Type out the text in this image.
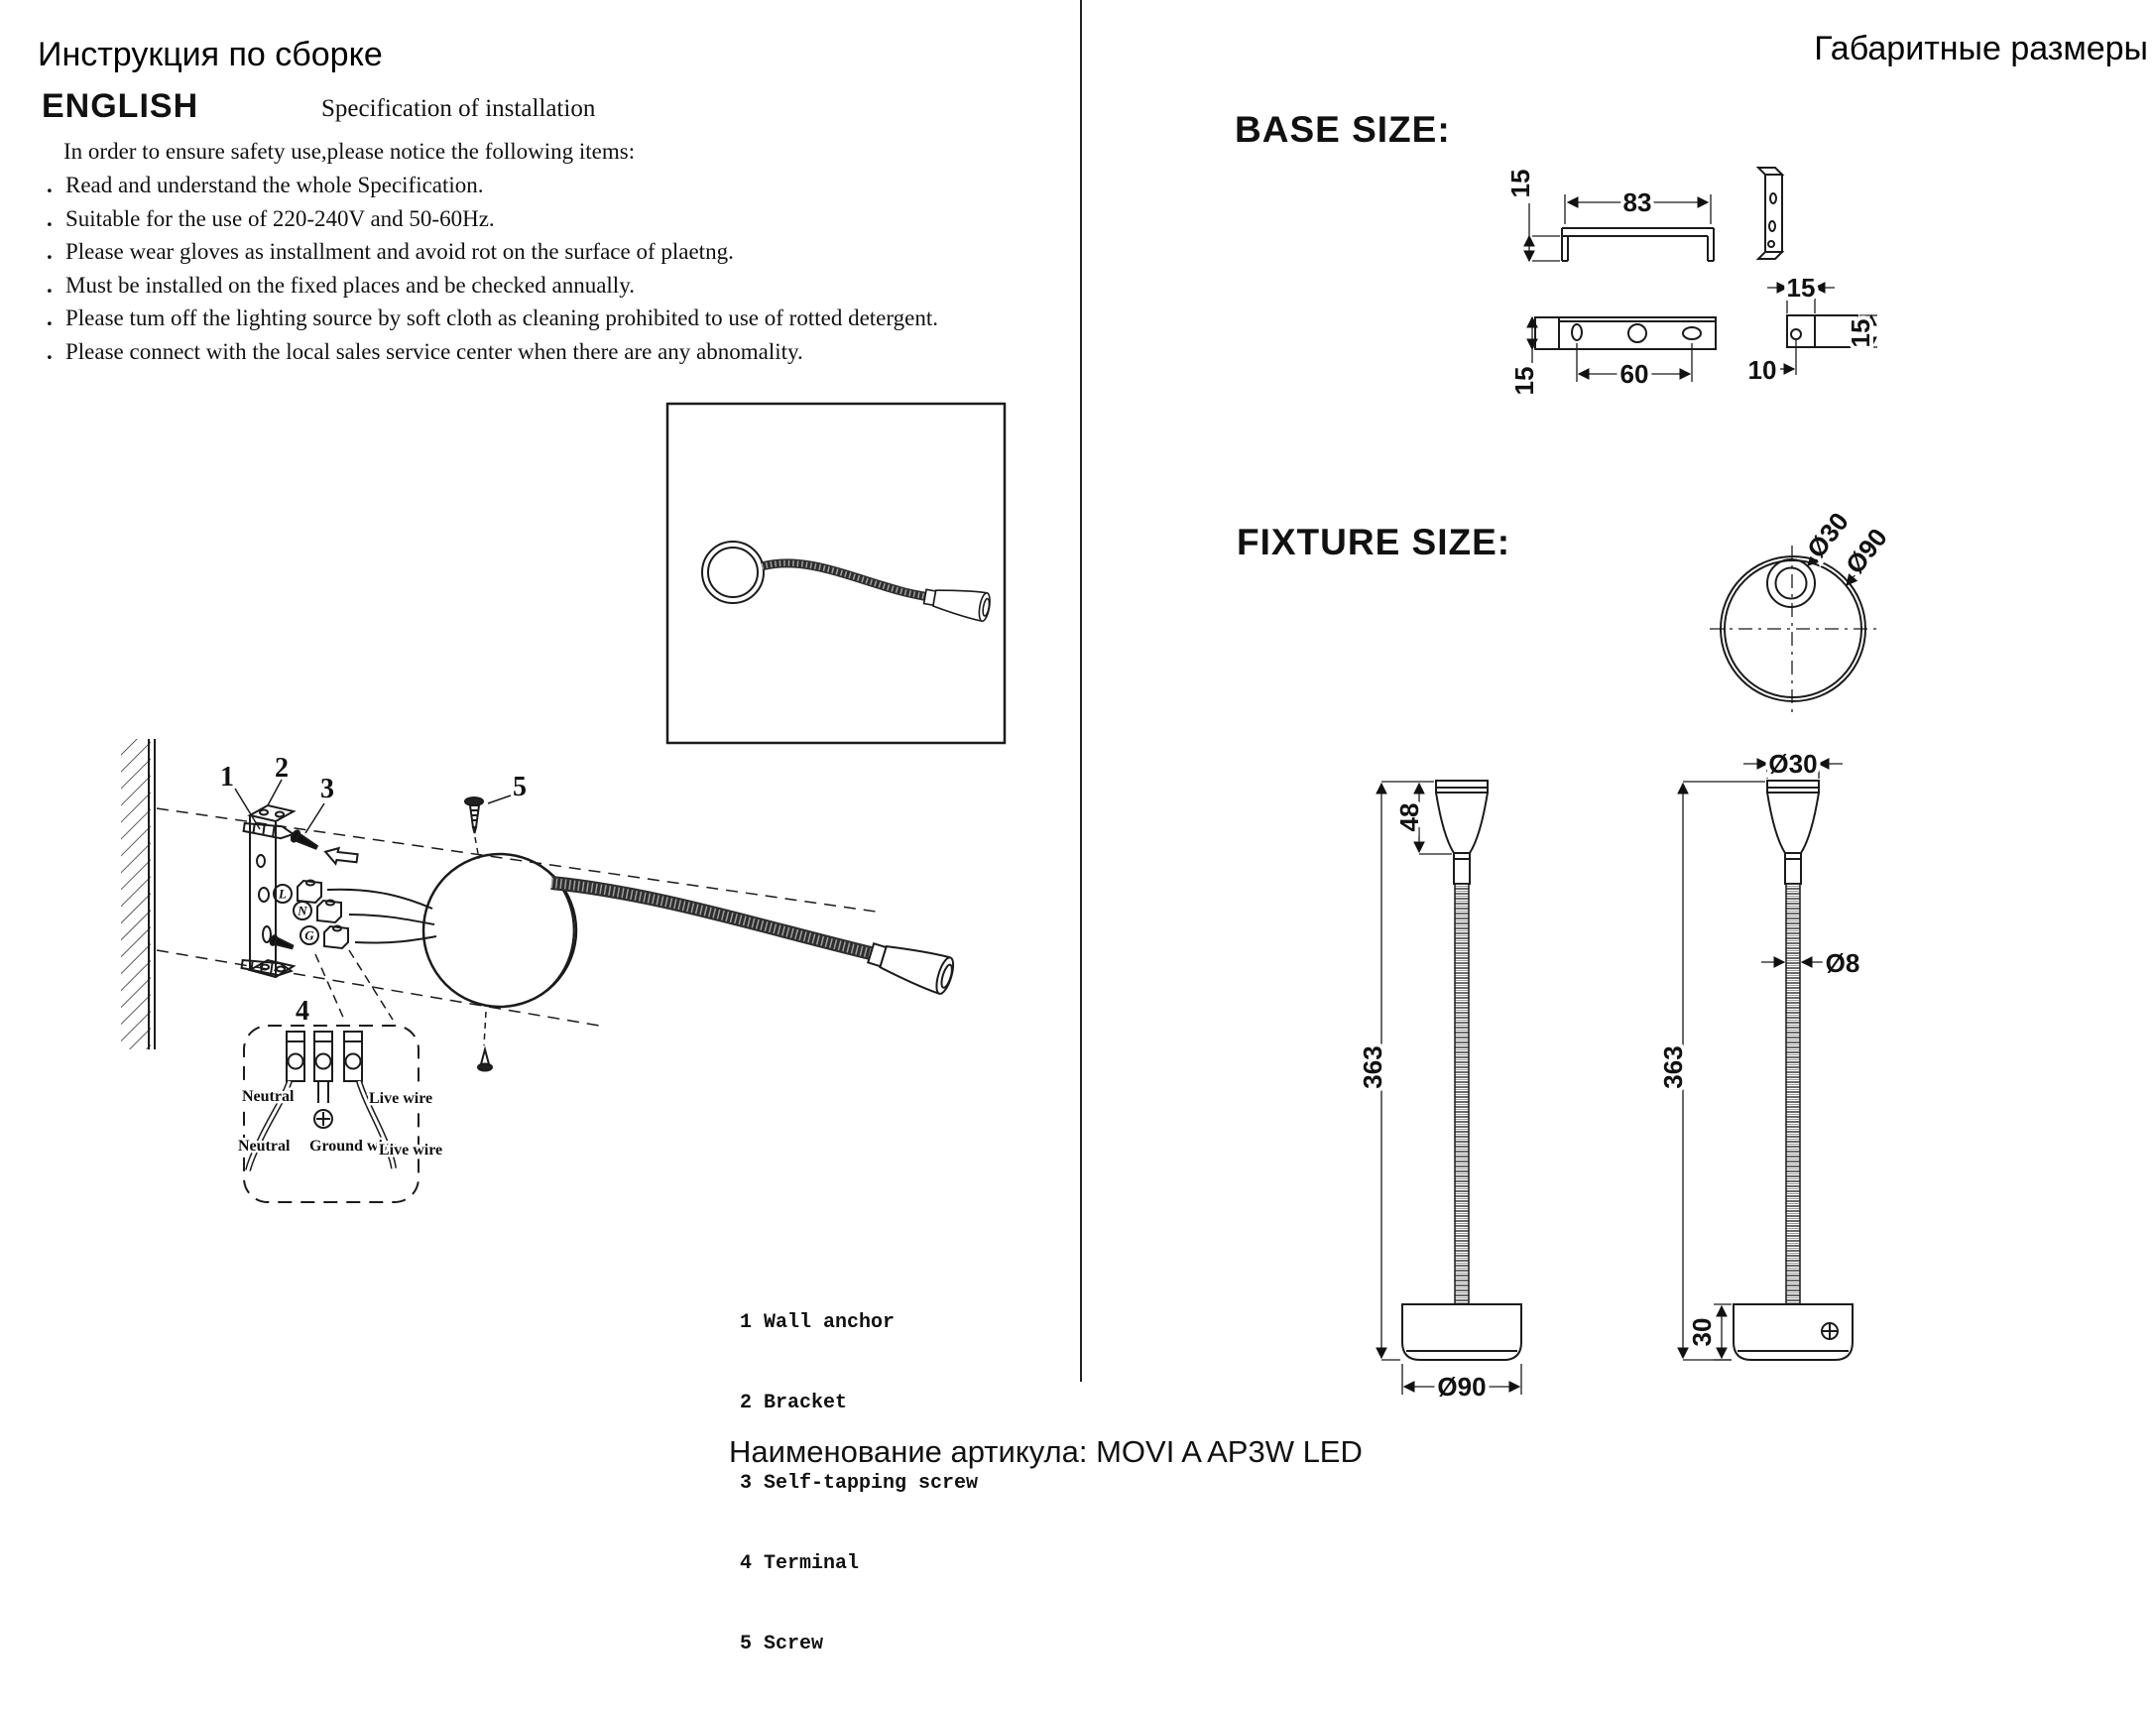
Инструкция по сборке	Габаритные размеры
ENGLISH	Specification of installation
In order to ensure safety use,please notice the following items:
. Read and understand the whole Specification.
. Suitable for the use of 220-240V and 50-60Hz.
. Please wear gloves as installment and avoid rot on the surface of plaetng.
. Must be installed on the fixed places and be checked annually.
. Please tum off the lighting source by soft cloth as cleaning prohibited to use of rotted detergent.
. Please connect with the local sales service center when there are any abnomality.
L
N
G
Neutral	Live wire
Neutral Ground wire
Live wire
1 2
3
4
5

1 Wall anchor

2 Bracket

3 Self-tapping screw

4 Terminal

5 Screw

BASE SIZE:
FIXTURE SIZE:
83
15
15	60
15
15
10
Ø30
Ø90
363
48
Ø90
Ø30
363
Ø8
30
Наименование артикула: MOVI A AP3W LED
